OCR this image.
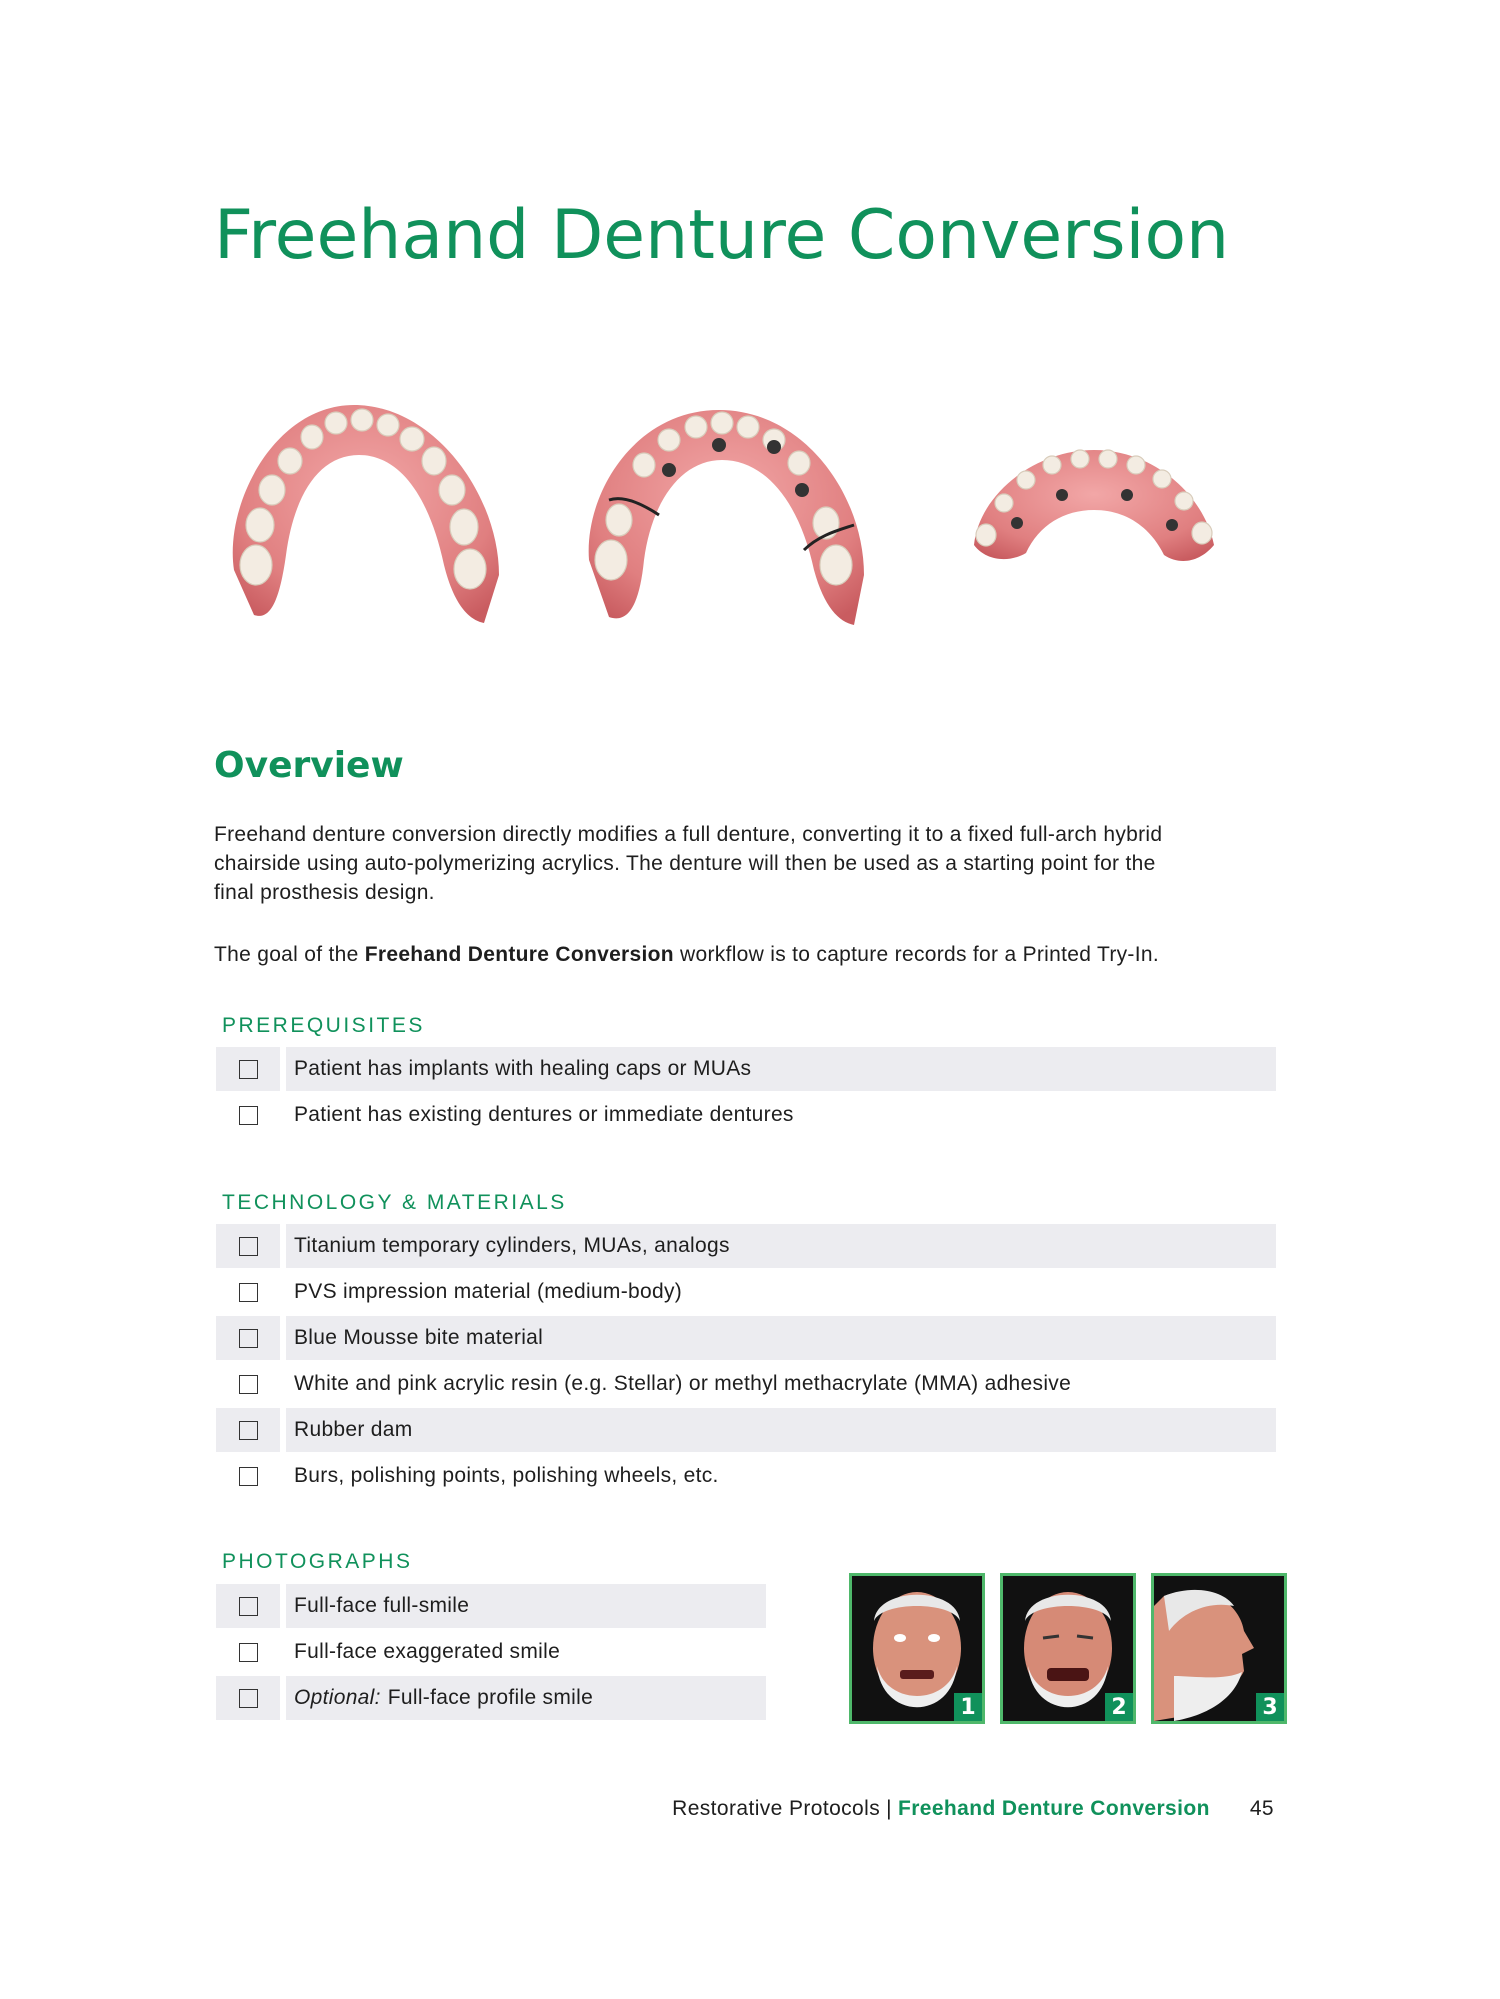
Freehand Denture Conversion
Overview
Freehand denture conversion directly modifies a full denture, converting it to a fixed full-arch hybrid
chairside using auto-polymerizing acrylics. The denture will then be used as a starting point for the
final prosthesis design.

The goal of the Freehand Denture Conversion workflow is to capture records for a Printed Try-In.

PREREQUISITES
Patient has implants with healing caps or MUAs
Patient has existing dentures or immediate dentures
TECHNOLOGY & MATERIALS
Titanium temporary cylinders, MUAs, analogs
PVS impression material (medium-body)
Blue Mousse bite material
White and pink acrylic resin (e.g. Stellar) or methyl methacrylate (MMA) adhesive
Rubber dam
Burs, polishing points, polishing wheels, etc.
PHOTOGRAPHS
Full-face full-smile
Full-face exaggerated smile
Optional: Full-face profile smile	1	2	3
Restorative Protocols | Freehand Denture Conversion 45
